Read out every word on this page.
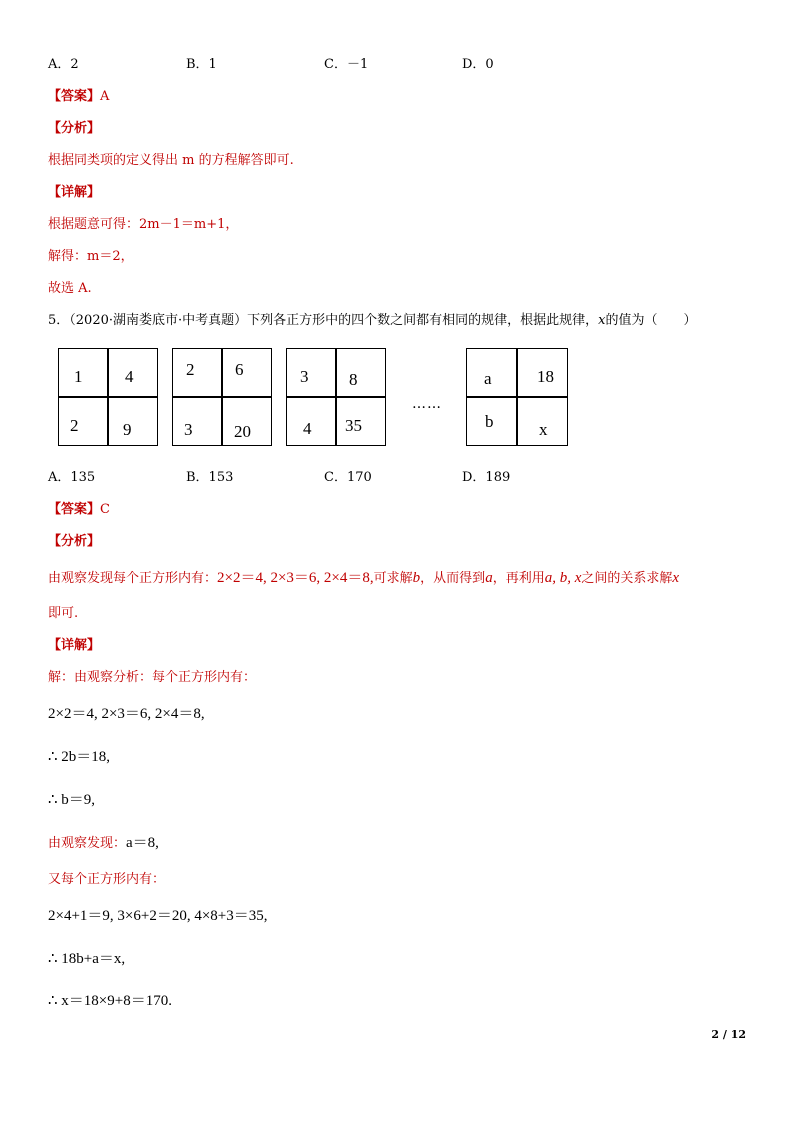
A．2	B．1	C．－1	D．0
【答案】A
【分析】
根据同类项的定义得出 m 的方程解答即可.
【详解】
根据题意可得：2m－1＝m+1，
解得：m＝2，
故选 A.
5．（2020·湖南娄底市·中考真题）下列各正方形中的四个数之间都有相同的规律，根据此规律，x的值为（　　）
1	4
2	9
2 6
3 20
3 8
4 35
……
a	18
b	x
A．135	B．153	C．170	D．189
【答案】C
【分析】
由观察发现每个正方形内有：2×2＝4, 2×3＝6, 2×4＝8,可求解b，从而得到a，再利用a, b, x之间的关系求解x
即可.
【详解】
解：由观察分析：每个正方形内有：
2×2＝4, 2×3＝6, 2×4＝8,
∴ 2b＝18,
∴ b＝9,
由观察发现：a＝8,
又每个正方形内有：
2×4+1＝9, 3×6+2＝20, 4×8+3＝35,
∴ 18b+a＝x,
∴ x＝18×9+8＝170.
2 / 12
